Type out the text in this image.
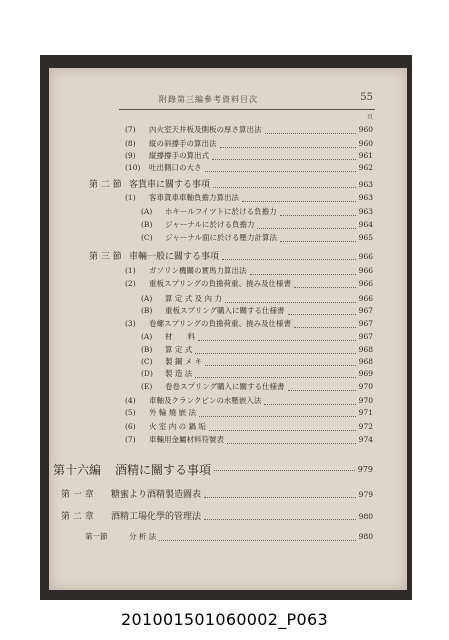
附錄第三編參考資料目次	55
頁
(7) 內火室天井板及側板の厚さ算出法	960
(8) 縦の斜撐手の算出法	960
(9) 縦撐撐手の算出式	961
(10) 吐出側口の大さ	962
第 二 節 客貨車に關する事項	963
(1) 客車貨車車軸負擔力算出法	963
(A) ホキールフイツトに於ける負擔力	963
(B) ジャーナルに於ける負擔力	964
(C) ジャーナル面に於ける壓力計算法	965
第 三 節 車輛一般に關する事項	966
(1) ガソリン機關の實馬力算出法	966
(2) 重板スプリングの負擔荷重、撓み及仕様書	966
(A) 算 定 式 及 內 力	966
(B) 重板スプリング購入に關する仕様書	967
(3) 卷螺スプリングの負擔荷重、撓み及仕様書	967
(A) 材　　料	967
(B) 算 定 式	968
(C) 製 鋼 メ キ	968
(D) 製 造 法	969
(E) 卷卷スプリング購入に關する仕様書	970
(4) 車軸及クランクピンの水壓嵌入法	970
(5) 外 輪 燒 嵌 法	971
(6) 火 室 内 の 鍋 垢	972
(7) 車輛用金屬材料符號表	974
第十六編 酒精に關する事項	979
第 一 章 糖蜜より酒精製造圖表	979
第 二 章 酒精工場化學的管理法	980
第一節	分 析 法	980
201001501060002_P063
